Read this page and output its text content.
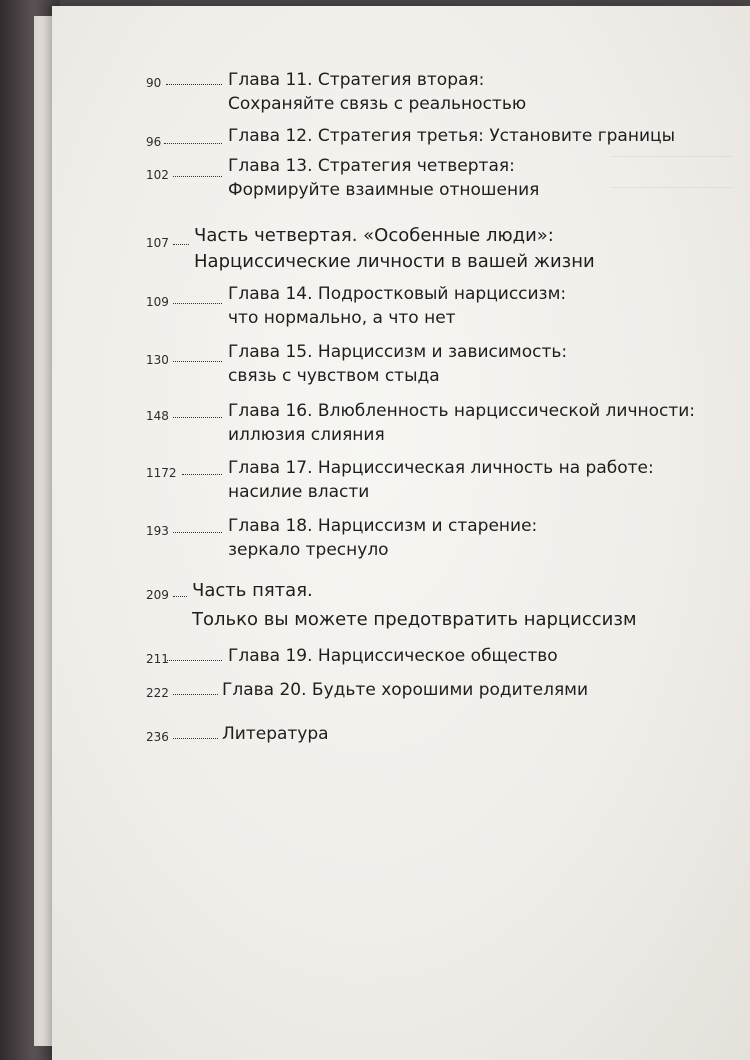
90	Глава 11. Стратегия вторая:
Сохраняйте связь с реальностью
96	Глава 12. Стратегия третья: Установите границы
102	Глава 13. Стратегия четвертая:
Формируйте взаимные отношения
107 Часть четвертая. «Особенные люди»:
Нарциссические личности в вашей жизни
109	Глава 14. Подростковый нарциссизм:
что нормально, а что нет
130	Глава 15. Нарциссизм и зависимость:
связь с чувством стыда
148	Глава 16. Влюбленность нарциссической личности:
иллюзия слияния
1172	Глава 17. Нарциссическая личность на работе:
насилие власти
193	Глава 18. Нарциссизм и старение:
зеркало треснуло
209 Часть пятая.
Только вы можете предотвратить нарциссизм
211	Глава 19. Нарциссическое общество
222	Глава 20. Будьте хорошими родителями
236	Литература
